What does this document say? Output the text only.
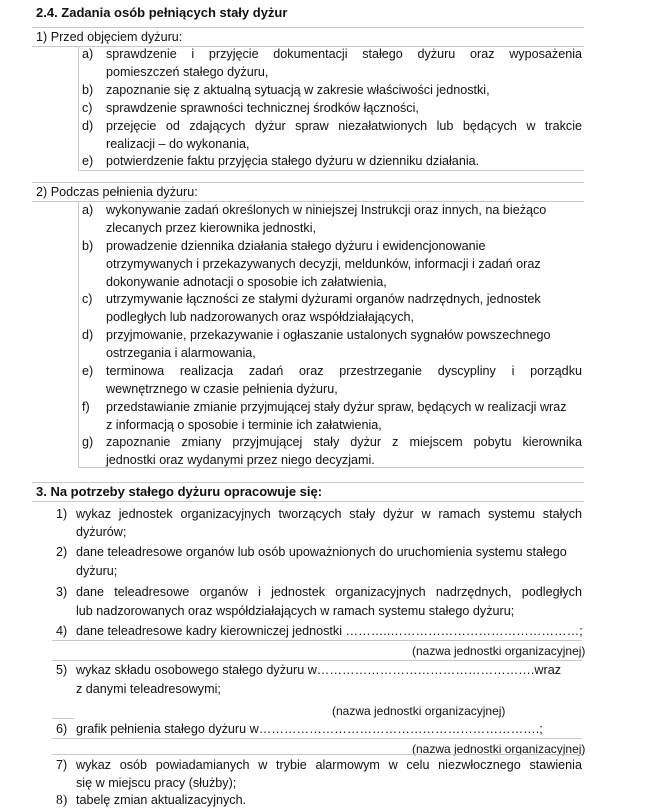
2.4. Zadania osób pełniących stały dyżur
1) Przed objęciem dyżuru:
a) sprawdzenie i przyjęcie dokumentacji stałego dyżuru oraz wyposażenia
pomieszczeń stałego dyżuru,
b) zapoznanie się z aktualną sytuacją w zakresie właściwości jednostki,
c) sprawdzenie sprawności technicznej środków łączności,
d) przejęcie od zdających dyżur spraw niezałatwionych lub będących w trakcie
realizacji – do wykonania,
e) potwierdzenie faktu przyjęcia stałego dyżuru w dzienniku działania.
2) Podczas pełnienia dyżuru:
a) wykonywanie zadań określonych w niniejszej Instrukcji oraz innych, na bieżąco
zlecanych przez kierownika jednostki,
b) prowadzenie dziennika działania stałego dyżuru i ewidencjonowanie
otrzymywanych i przekazywanych decyzji, meldunków, informacji i zadań oraz
dokonywanie adnotacji o sposobie ich załatwienia,
c) utrzymywanie łączności ze stałymi dyżurami organów nadrzędnych, jednostek
podległych lub nadzorowanych oraz współdziałających,
d) przyjmowanie, przekazywanie i ogłaszanie ustalonych sygnałów powszechnego
ostrzegania i alarmowania,
e) terminowa realizacja zadań oraz przestrzeganie dyscypliny i porządku
wewnętrznego w czasie pełnienia dyżuru,
f) przedstawianie zmianie przyjmującej stały dyżur spraw, będących w realizacji wraz
z informacją o sposobie i terminie ich załatwienia,
g) zapoznanie zmiany przyjmującej stały dyżur z miejscem pobytu kierownika
jednostki oraz wydanymi przez niego decyzjami.
3. Na potrzeby stałego dyżuru opracowuje się:
1) wykaz jednostek organizacyjnych tworzących stały dyżur w ramach systemu stałych
dyżurów;
2) dane teleadresowe organów lub osób upoważnionych do uruchomienia systemu stałego
dyżuru;
3) dane teleadresowe organów i jednostek organizacyjnych nadrzędnych, podległych
lub nadzorowanych oraz współdziałających w ramach systemu stałego dyżuru;
4) dane teleadresowe kadry kierowniczej jednostki ………..………………………………………;
(nazwa jednostki organizacyjnej)
5) wykaz składu osobowego stałego dyżuru w…………………………………………….wraz
z danymi teleadresowymi;
(nazwa jednostki organizacyjnej)
6) grafik pełnienia stałego dyżuru w………………………………………………………….;
(nazwa jednostki organizacyjnej)
7) wykaz osób powiadamianych w trybie alarmowym w celu niezwłocznego stawienia
się w miejscu pracy (służby);
8) tabelę zmian aktualizacyjnych.
